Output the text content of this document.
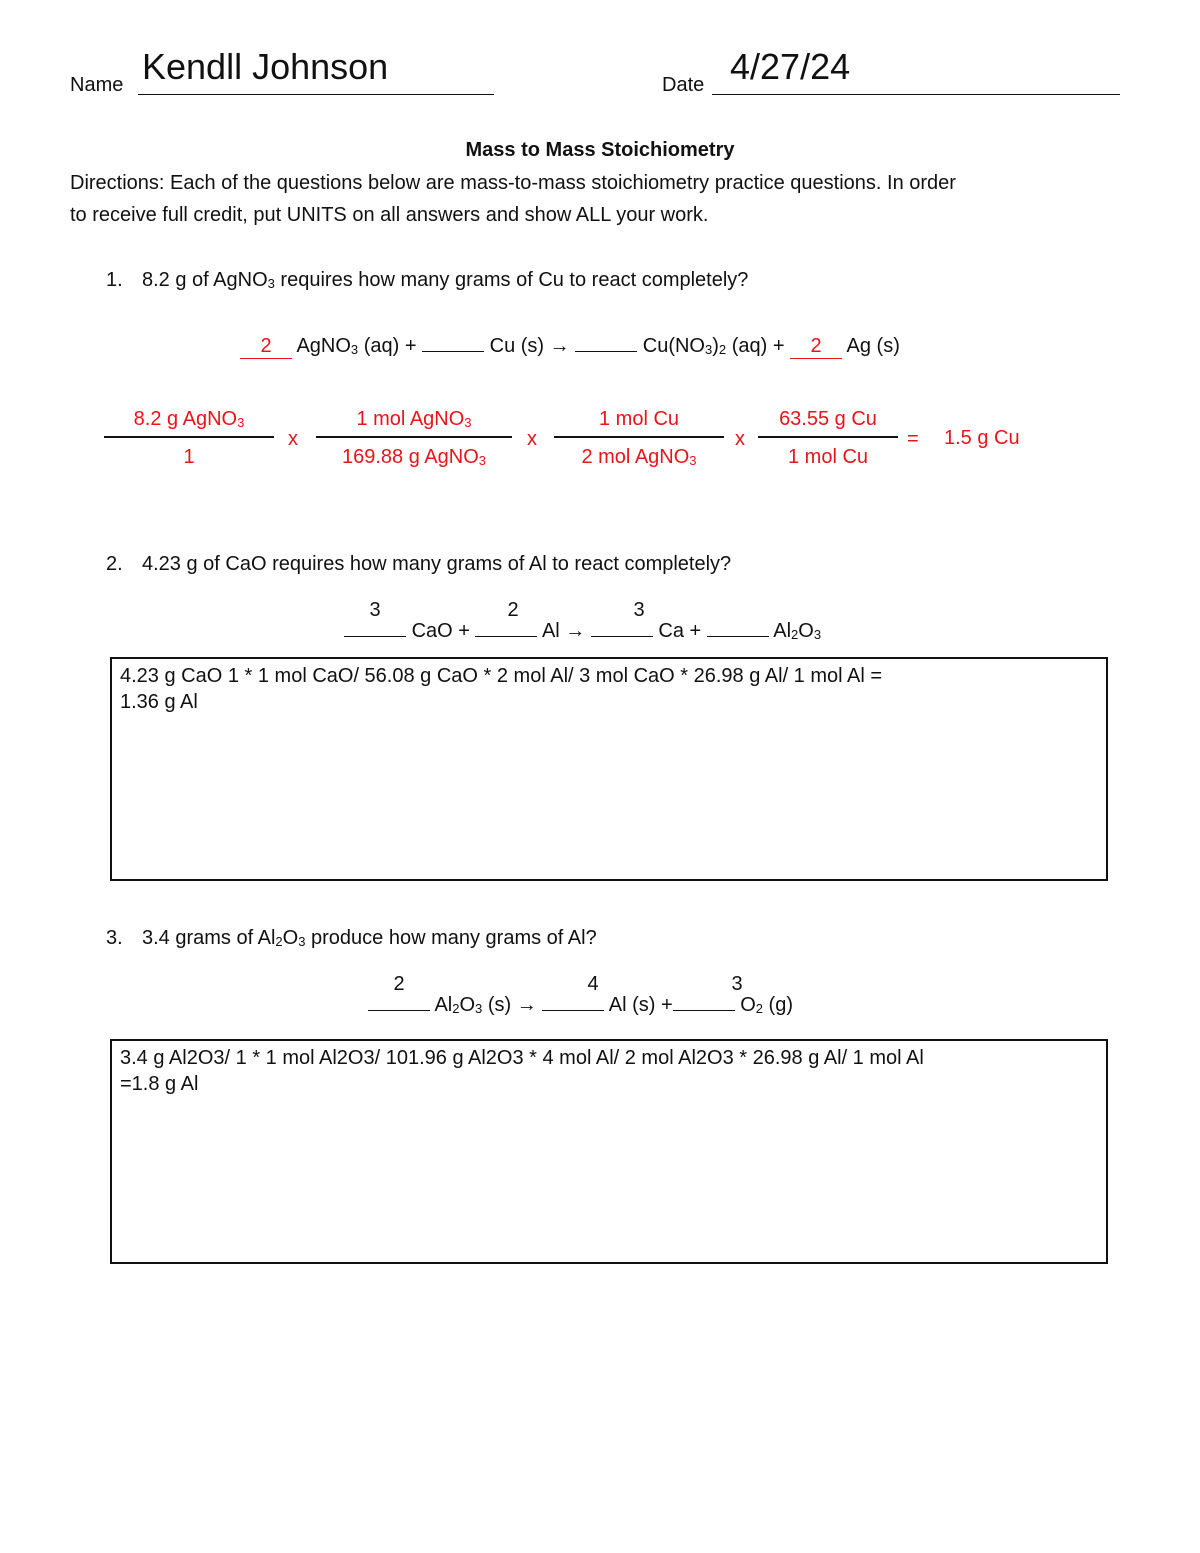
Name Kendll Johnson	Date 4/27/24
Mass to Mass Stoichiometry
Directions: Each of the questions below are mass-to-mass stoichiometry practice questions. In order
to receive full credit, put UNITS on all answers and show ALL your work.
1. 8.2 g of AgNO$_3$ requires how many grams of Cu to react completely?
2 AgNO$_3$ (aq) +	Cu (s) →	$Cu(NO_3)_2$ (aq) + 2 Ag (s)
8.2 g AgNO$_3$
1
x
1 mol AgNO$_3$
169.88 g AgNO$_3$
x
1 mol Cu
2 mol AgNO$_3$
x
63.55 g Cu
1 mol Cu
= 1.5 g Cu
2. 4.23 g of CaO requires how many grams of Al to react completely?
3	2	3
CaO +	Al →	Ca +	$Al_2O_3$
4.23 g CaO 1 * 1 mol CaO/ 56.08 g CaO * 2 mol Al/ 3 mol CaO * 26.98 g Al/ 1 mol Al =
1.36 g Al
3. 3.4 grams of $Al_2O_3$ produce how many grams of Al?
2	4	3
$Al_2O_3$ (s) →	Al (s) +	$O_2$ (g)
3.4 g Al2O3/ 1 * 1 mol Al2O3/ 101.96 g Al2O3 * 4 mol Al/ 2 mol Al2O3 * 26.98 g Al/ 1 mol Al
=1.8 g Al
